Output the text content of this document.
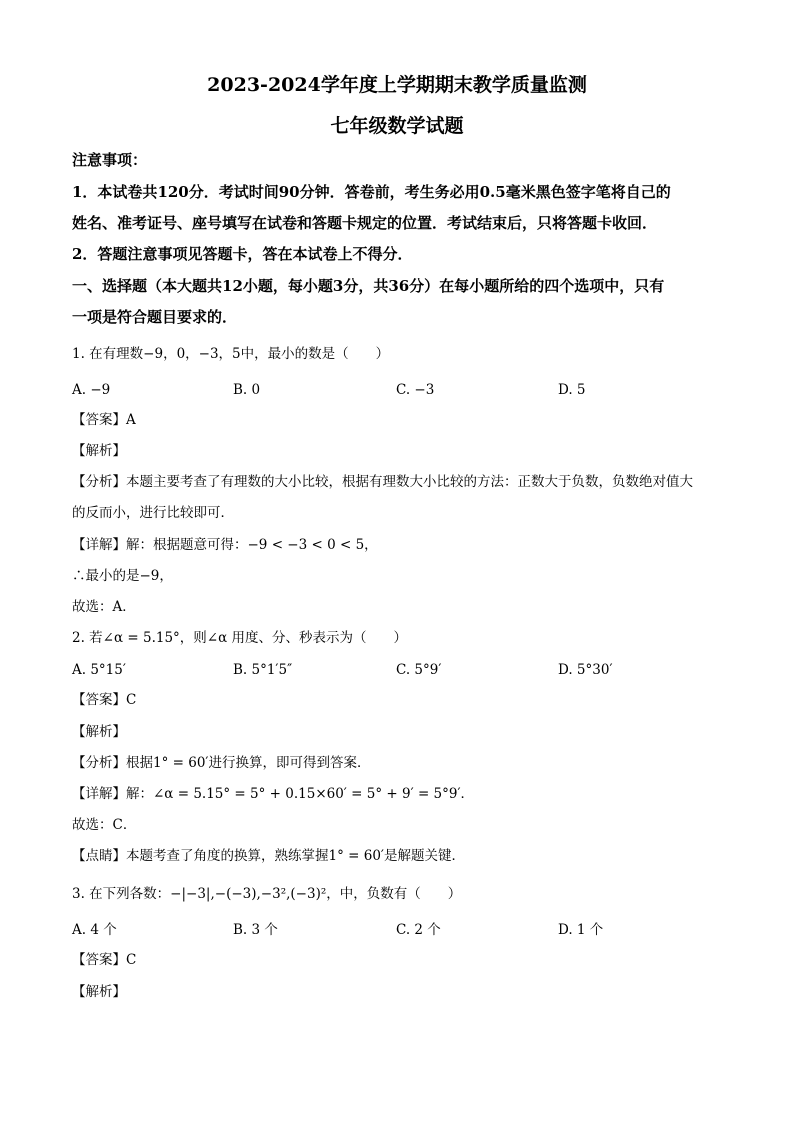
2023-2024学年度上学期期末教学质量监测
七年级数学试题
注意事项：
1．本试卷共120分．考试时间90分钟．答卷前，考生务必用0.5毫米黑色签字笔将自己的
姓名、准考证号、座号填写在试卷和答题卡规定的位置．考试结束后，只将答题卡收回．
2．答题注意事项见答题卡，答在本试卷上不得分．
一、选择题（本大题共12小题，每小题3分，共36分）在每小题所给的四个选项中，只有
一项是符合题目要求的．
1. 在有理数−9，0，−3，5中，最小的数是（　　）
A. −9	B. 0	C. −3	D. 5
【答案】A
【解析】
【分析】本题主要考查了有理数的大小比较，根据有理数大小比较的方法：正数大于负数，负数绝对值大
的反而小，进行比较即可．
【详解】解：根据题意可得：−9 < −3 < 0 < 5，
∴最小的是−9，
故选：A．
2. 若∠α = 5.15°，则∠α 用度、分、秒表示为（　　）
A. 5°15′	B. 5°1′5″	C. 5°9′	D. 5°30′
【答案】C
【解析】
【分析】根据1° = 60′进行换算，即可得到答案．
【详解】解：∠α = 5.15° = 5° + 0.15×60′ = 5° + 9′ = 5°9′．
故选：C．
【点睛】本题考查了角度的换算，熟练掌握1° = 60′是解题关键．
3. 在下列各数：−|−3|,−(−3),−3²,(−3)²，中，负数有（　　）
A. 4 个	B. 3 个	C. 2 个	D. 1 个
【答案】C
【解析】
